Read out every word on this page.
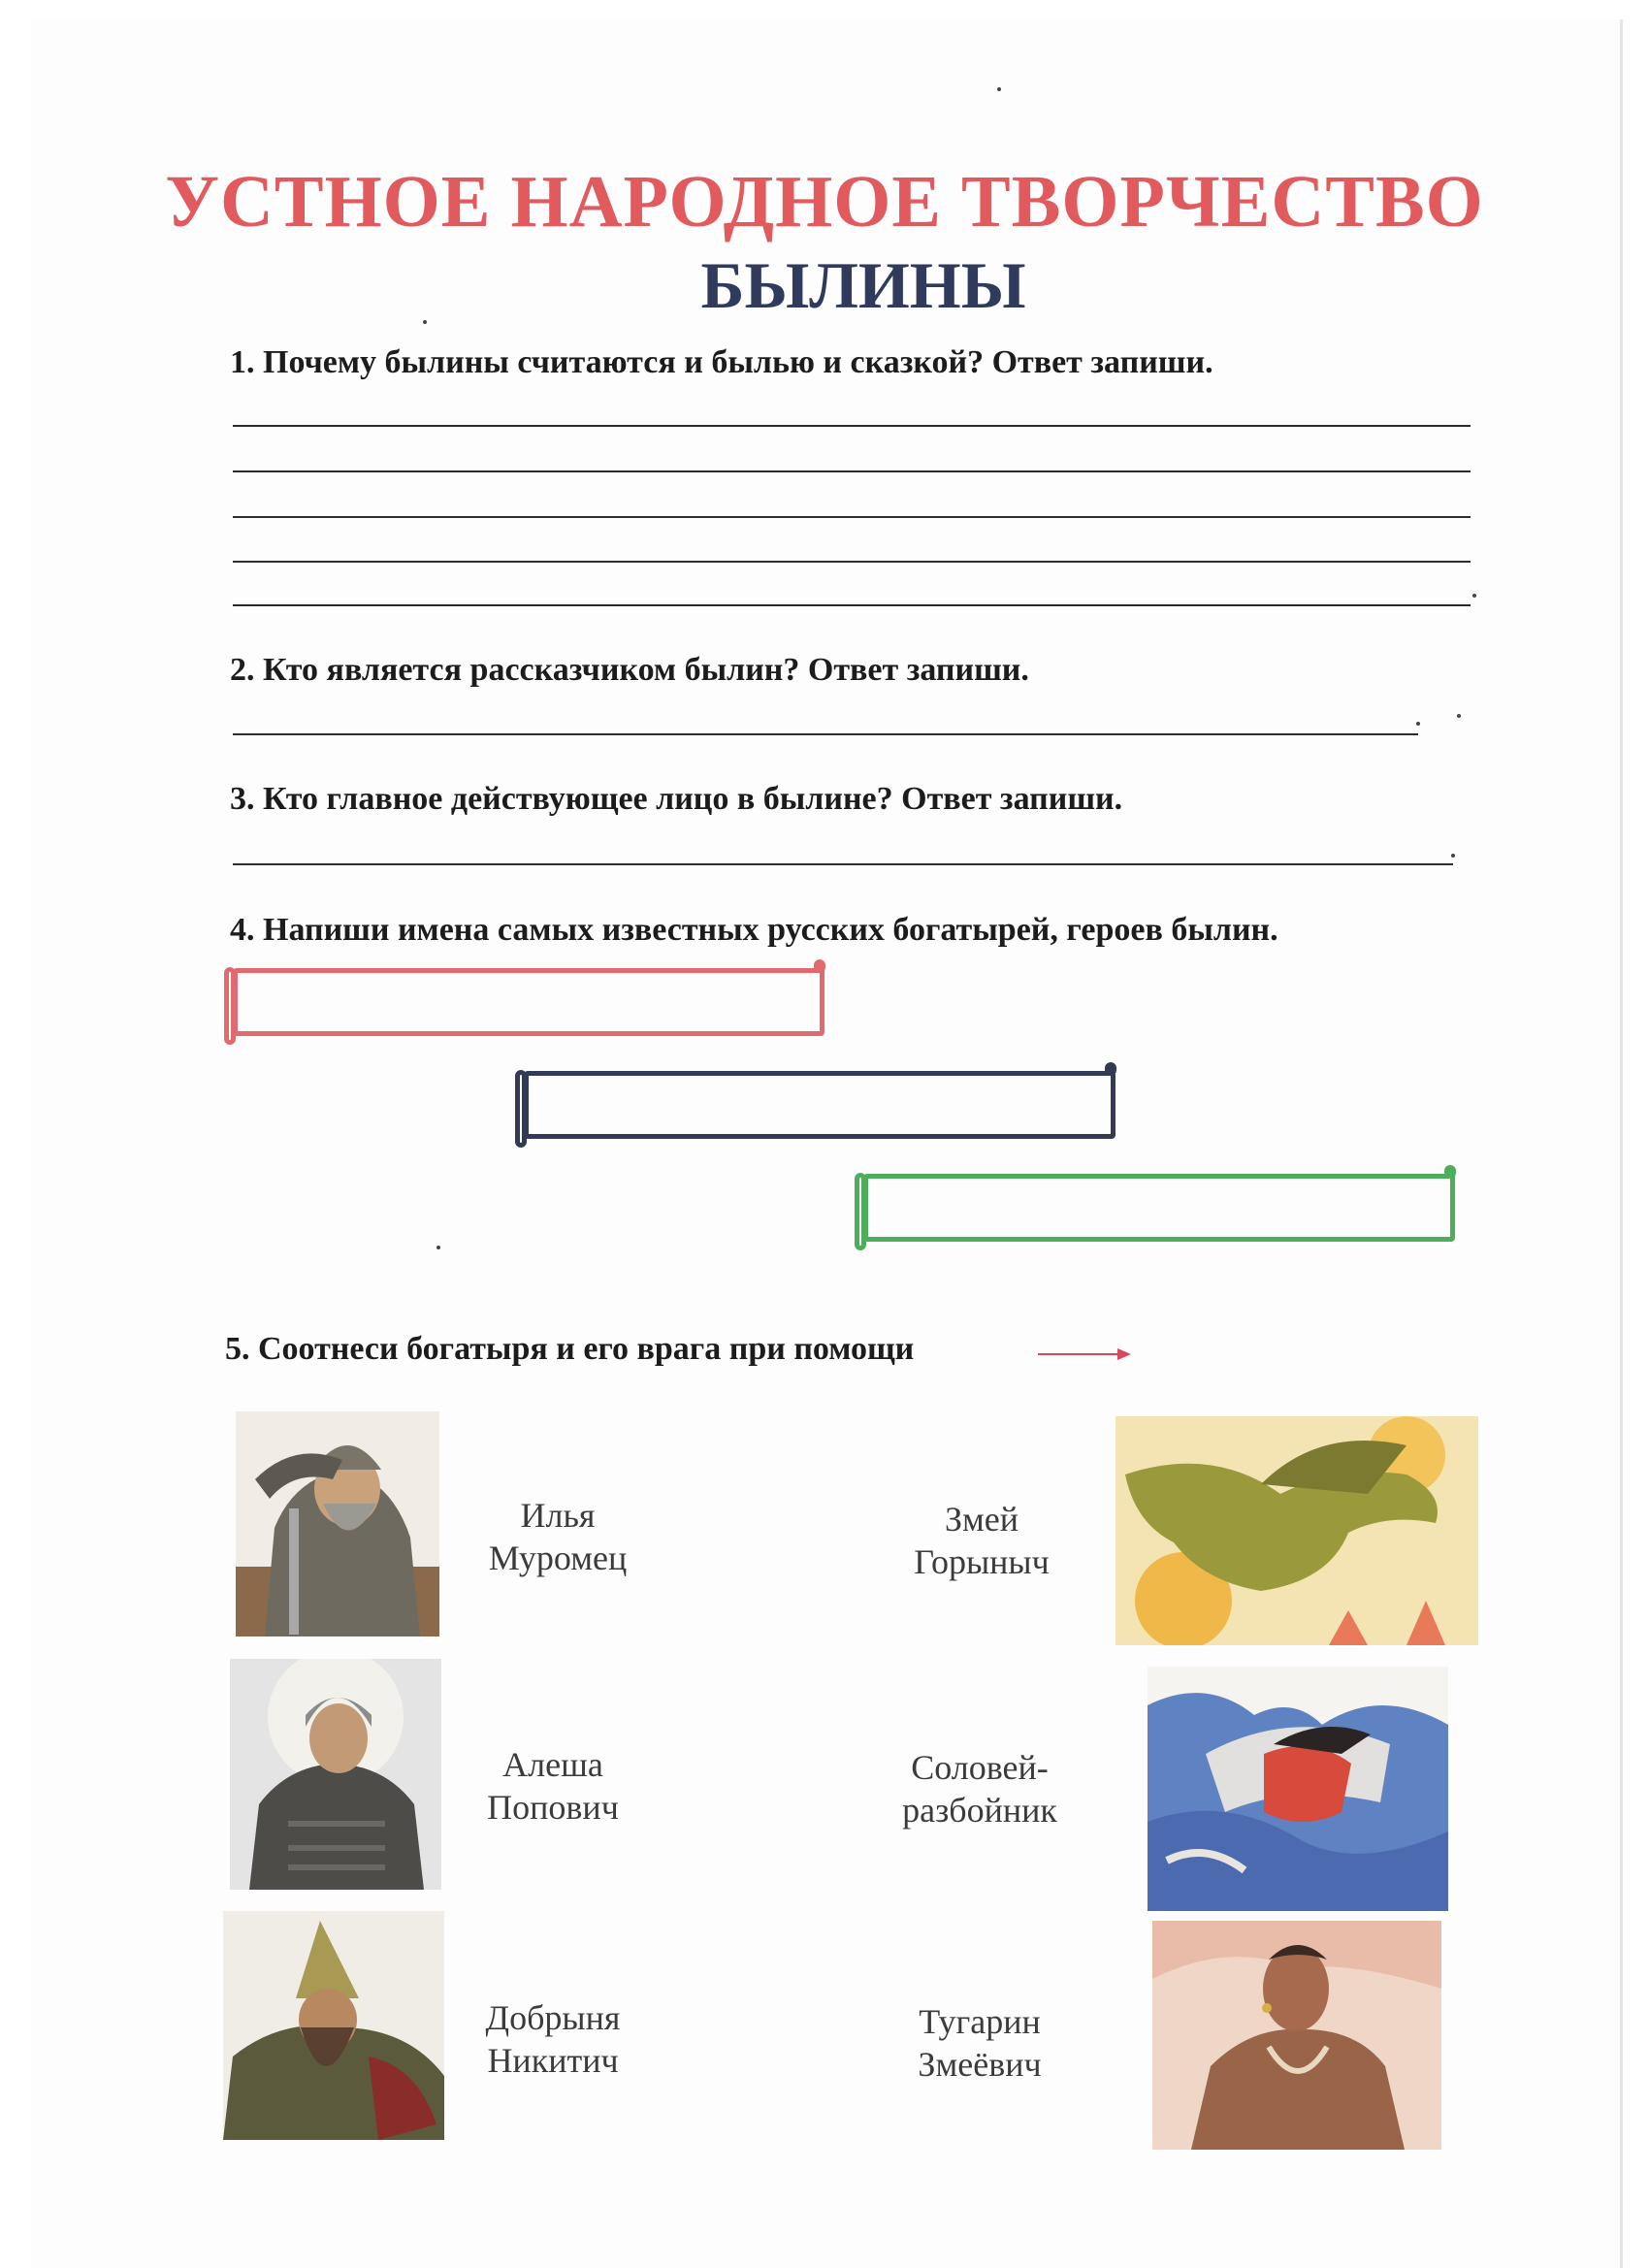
УСТНОЕ НАРОДНОЕ ТВОРЧЕСТВО
БЫЛИНЫ

1. Почему былины считаются и былью и сказкой? Ответ запиши.

2. Кто является рассказчиком былин? Ответ запиши.

3. Кто главное действующее лицо в былине? Ответ запиши.

4. Напиши имена самых известных русских богатырей, героев былин.

5. Соотнеси богатыря и его врага при помощи

Илья
Муромец
Алеша
Попович
Добрыня
Никитич
Змей
Горыныч
Соловей-
разбойник
Тугарин
Змеёвич
